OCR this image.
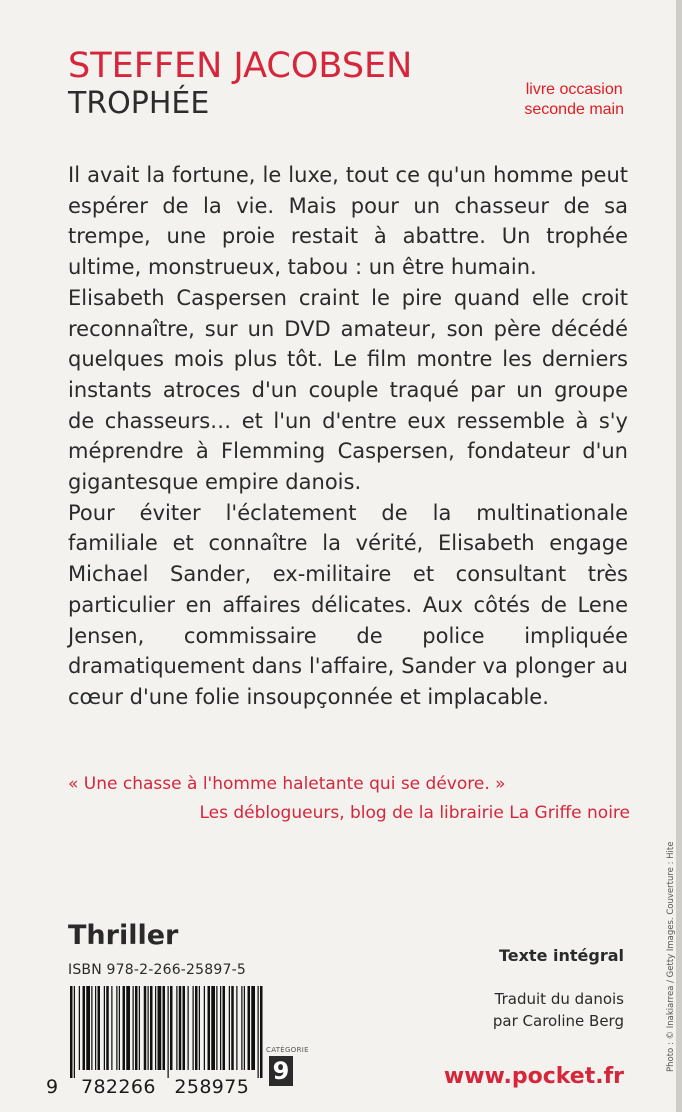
STEFFEN JACOBSEN
TROPHÉE	livre occasion
seconde main

Il avait la fortune, le luxe, tout ce qu'un homme peut espérer de la vie. Mais pour un chasseur de sa trempe, une proie restait à abattre. Un trophée ultime, monstrueux, tabou : un être humain.

Elisabeth Caspersen craint le pire quand elle croit reconnaître, sur un DVD amateur, son père décédé quelques mois plus tôt. Le film montre les derniers instants atroces d'un couple traqué par un groupe de chasseurs… et l'un d'entre eux ressemble à s'y méprendre à Flemming Caspersen, fondateur d'un gigantesque empire danois.

Pour éviter l'éclatement de la multinationale familiale et connaître la vérité, Elisabeth engage Michael Sander, ex-militaire et consultant très particulier en affaires délicates. Aux côtés de Lene Jensen, commissaire de police impliquée dramatiquement dans l'affaire, Sander va plonger au cœur d'une folie insoupçonnée et implacable.

« Une chasse à l'homme haletante qui se dévore. »
Les déblogueurs, blog de la librairie La Griffe noire
Thriller
ISBN 978-2-266-25897-5
9 782266 258975
CATÉGORIE
9
Texte intégral
Traduit du danois
par Caroline Berg
www.pocket.fr
Photo : © Inakiarrea / Getty Images. Couverture : Hite
